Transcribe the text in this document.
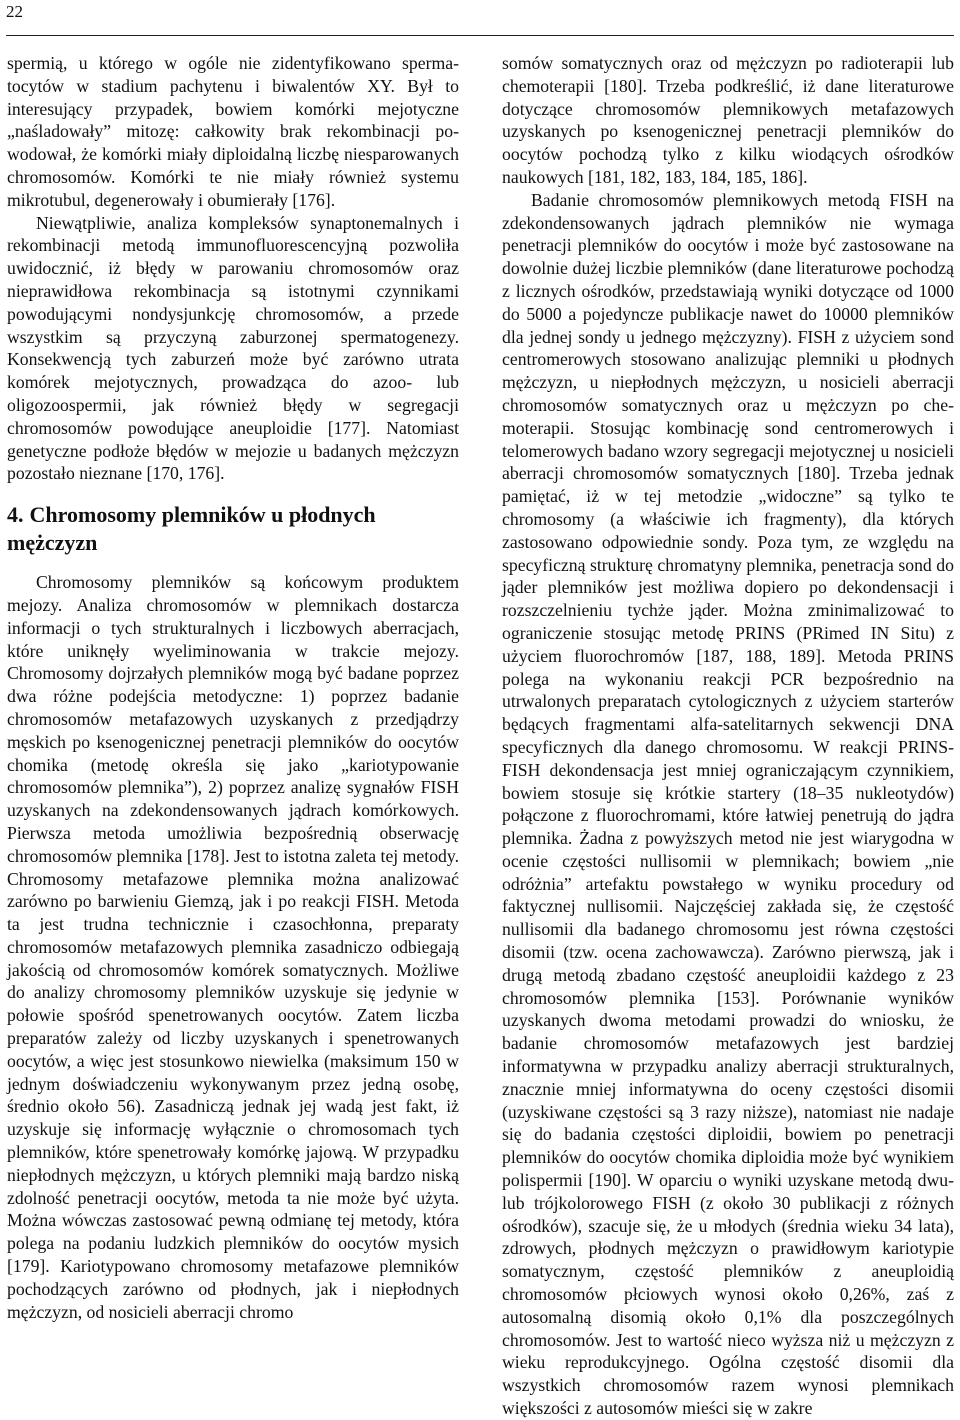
22

spermią, u którego w ogóle nie zidentyfikowano spermatocytów w stadium pachytenu i biwalentów XY. Był to interesujący przypadek, bowiem komórki mejotyczne „naśladowały” mitozę: całkowity brak rekombinacji powodował, że komórki miały diploidalną liczbę niesparowanych chromosomów. Komórki te nie miały również systemu mikrotubul, degenerowały i obumierały [176].

Niewątpliwie, analiza kompleksów synaptonemalnych i rekombinacji metodą immunofluorescencyjną pozwoliła uwidocznić, iż błędy w parowaniu chromosomów oraz nieprawidłowa rekombinacja są istotnymi czynnikami powodującymi nondysjunkcję chromosomów, a przede wszystkim są przyczyną zaburzonej spermatogenezy. Konsekwencją tych zaburzeń może być zarówno utrata komórek mejotycznych, prowadząca do azoo- lub oligozoospermii, jak również błędy w segregacji chromosomów powodujące aneuploidie [177]. Natomiast genetyczne podłoże błędów w mejozie u badanych mężczyzn pozostało nieznane [170, 176].

4. Chromosomy plemników u płodnych mężczyzn

Chromosomy plemników są końcowym produktem mejozy. Analiza chromosomów w plemnikach dostarcza informacji o tych strukturalnych i liczbowych aberracjach, które uniknęły wyeliminowania w trakcie mejozy. Chromosomy dojrzałych plemników mogą być badane poprzez dwa różne podejścia metodyczne: 1) poprzez badanie chromosomów metafazowych uzyskanych z przedjądrzy męskich po ksenogenicznej penetracji plemników do oocytów chomika (metodę określa się jako „kariotypowanie chromosomów plemnika”), 2) poprzez analizę sygnałów FISH uzyskanych na zdekondensowanych jądrach komórkowych. Pierwsza metoda umożliwia bezpośrednią obserwację chromosomów plemnika [178]. Jest to istotna zaleta tej metody. Chromosomy metafazowe plemnika można analizować zarówno po barwieniu Giemzą, jak i po reakcji FISH. Metoda ta jest trudna technicznie i czasochłonna, preparaty chromosomów metafazowych plemnika zasadniczo odbiegają jakością od chromosomów komórek somatycznych. Możliwe do analizy chromosomy plemników uzyskuje się jedynie w połowie spośród spenetrowanych oocytów. Zatem liczba preparatów zależy od liczby uzyskanych i spenetrowanych oocytów, a więc jest stosunkowo niewielka (maksimum 150 w jednym doświadczeniu wykonywanym przez jedną osobę, średnio około 56). Zasadniczą jednak jej wadą jest fakt, iż uzyskuje się informację wyłącznie o chromosomach tych plemników, które spenetrowały komórkę jajową. W przypadku niepłodnych mężczyzn, u których plemniki mają bardzo niską zdolność penetracji oocytów, metoda ta nie może być użyta. Można wówczas zastosować pewną odmianę tej metody, która polega na podaniu ludzkich plemników do oocytów mysich [179]. Kariotypowano chromosomy metafazowe plemników pochodzących zarówno od płodnych, jak i niepłodnych mężczyzn, od nosicieli aberracji chromo

somów somatycznych oraz od mężczyzn po radioterapii lub chemoterapii [180]. Trzeba podkreślić, iż dane literaturowe dotyczące chromosomów plemnikowych metafazowych uzyskanych po ksenogenicznej penetracji plemników do oocytów pochodzą tylko z kilku wiodących ośrodków naukowych [181, 182, 183, 184, 185, 186].

Badanie chromosomów plemnikowych metodą FISH na zdekondensowanych jądrach plemników nie wymaga penetracji plemników do oocytów i może być zastosowane na dowolnie dużej liczbie plemników (dane literaturowe pochodzą z licznych ośrodków, przedstawiają wyniki dotyczące od 1000 do 5000 a pojedyncze publikacje nawet do 10000 plemników dla jednej sondy u jednego mężczyzny). FISH z użyciem sond centromerowych stosowano analizując plemniki u płodnych mężczyzn, u niepłodnych mężczyzn, u nosicieli aberracji chromosomów somatycznych oraz u mężczyzn po chemoterapii. Stosując kombinację sond centromerowych i telomerowych badano wzory segregacji mejotycznej u nosicieli aberracji chromosomów somatycznych [180]. Trzeba jednak pamiętać, iż w tej metodzie „widoczne” są tylko te chromosomy (a właściwie ich fragmenty), dla których zastosowano odpowiednie sondy. Poza tym, ze względu na specyficzną strukturę chromatyny plemnika, penetracja sond do jąder plemników jest możliwa dopiero po dekondensacji i rozszczelnieniu tychże jąder. Można zminimalizować to ograniczenie stosując metodę PRINS (PRimed IN Situ) z użyciem fluorochromów [187, 188, 189]. Metoda PRINS polega na wykonaniu reakcji PCR bezpośrednio na utrwalonych preparatach cytologicznych z użyciem starterów będących fragmentami alfa-satelitarnych sekwencji DNA specyficznych dla danego chromosomu. W reakcji PRINS-FISH dekondensacja jest mniej ograniczającym czynnikiem, bowiem stosuje się krótkie startery (18–35 nukleotydów) połączone z fluorochromami, które łatwiej penetrują do jądra plemnika. Żadna z powyższych metod nie jest wiarygodna w ocenie częstości nullisomii w plemnikach; bowiem „nie odróżnia” artefaktu powstałego w wyniku procedury od faktycznej nullisomii. Najczęściej zakłada się, że częstość nullisomii dla badanego chromosomu jest równa częstości disomii (tzw. ocena zachowawcza). Zarówno pierwszą, jak i drugą metodą zbadano częstość aneuploidii każdego z 23 chromosomów plemnika [153]. Porównanie wyników uzyskanych dwoma metodami prowadzi do wniosku, że badanie chromosomów metafazowych jest bardziej informatywna w przypadku analizy aberracji strukturalnych, znacznie mniej informatywna do oceny częstości disomii (uzyskiwane częstości są 3 razy niższe), natomiast nie nadaje się do badania częstości diploidii, bowiem po penetracji plemników do oocytów chomika diploidia może być wynikiem polispermii [190]. W oparciu o wyniki uzyskane metodą dwu- lub trójkolorowego FISH (z około 30 publikacji z różnych ośrodków), szacuje się, że u młodych (średnia wieku 34 lata), zdrowych, płodnych mężczyzn o prawidłowym kariotypie somatycznym, częstość plemników z aneuploidią chromosomów płciowych wynosi około 0,26%, zaś z autosomalną disomią około 0,1% dla poszczególnych chromosomów. Jest to wartość nieco wyższa niż u mężczyzn z wieku reprodukcyjnego. Ogólna częstość disomii dla wszystkich chromosomów razem wynosi plemnikach większości z autosomów mieści się w zakre
